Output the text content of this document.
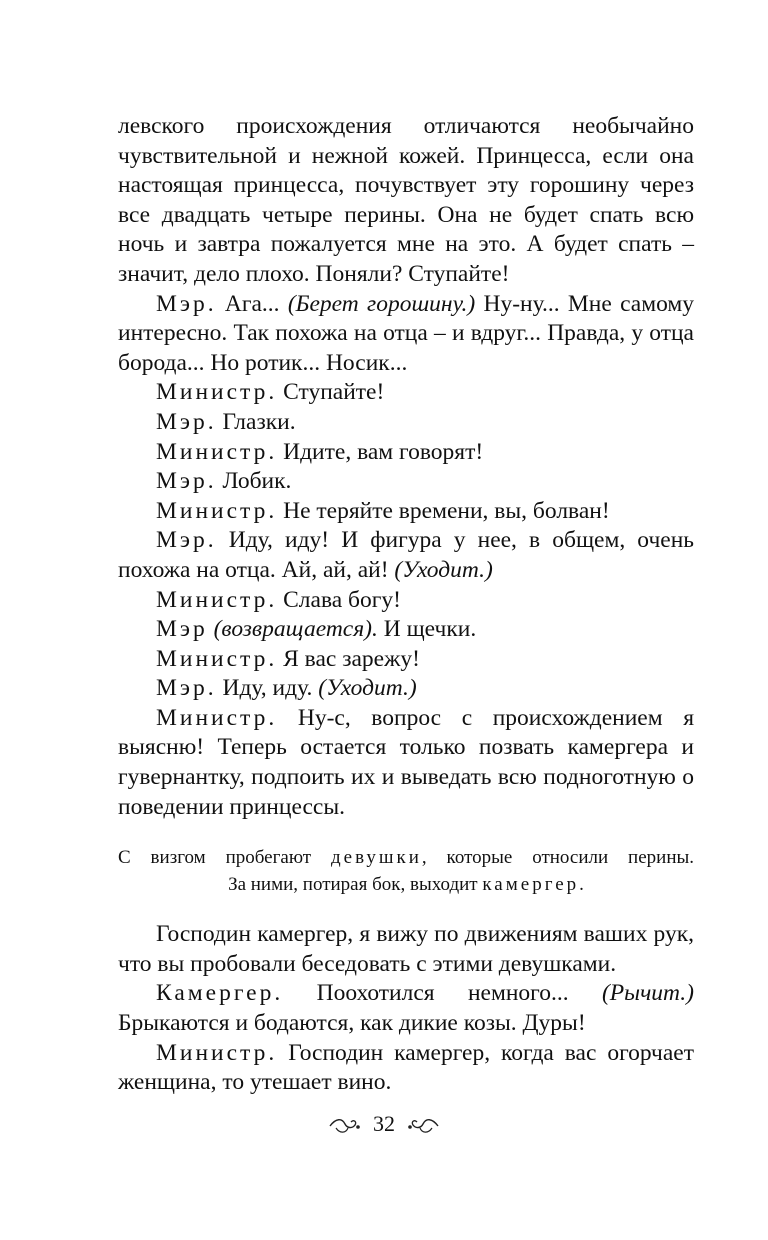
левского происхождения отличаются необычайно чувствительной и нежной кожей. Принцесса, если она настоящая принцесса, почувствует эту горошину через все двадцать четыре перины. Она не будет спать всю ночь и завтра пожалуется мне на это. А будет спать – значит, дело плохо. Поняли? Ступайте!

Мэр. Ага... (Берет горошину.) Ну-ну... Мне самому интересно. Так похожа на отца – и вдруг... Правда, у отца борода... Но ротик... Носик...

Министр. Ступайте!

Мэр. Глазки.

Министр. Идите, вам говорят!

Мэр. Лобик.

Министр. Не теряйте времени, вы, болван!

Мэр. Иду, иду! И фигура у нее, в общем, очень похожа на отца. Ай, ай, ай! (Уходит.)

Министр. Слава богу!

Мэр (возвращается). И щечки.

Министр. Я вас зарежу!

Мэр. Иду, иду. (Уходит.)

Министр. Ну-с, вопрос с происхождением я выясню! Теперь остается только позвать камергера и гувернантку, подпоить их и выведать всю подноготную о поведении принцессы.

С визгом пробегают девушки, которые относили перины.
За ними, потирая бок, выходит камергер.

Господин камергер, я вижу по движениям ваших рук, что вы пробовали беседовать с этими девушками.

Камергер. Поохотился немного... (Рычит.) Брыкаются и бодаются, как дикие козы. Дуры!

Министр. Господин камергер, когда вас огорчает женщина, то утешает вино.

32
